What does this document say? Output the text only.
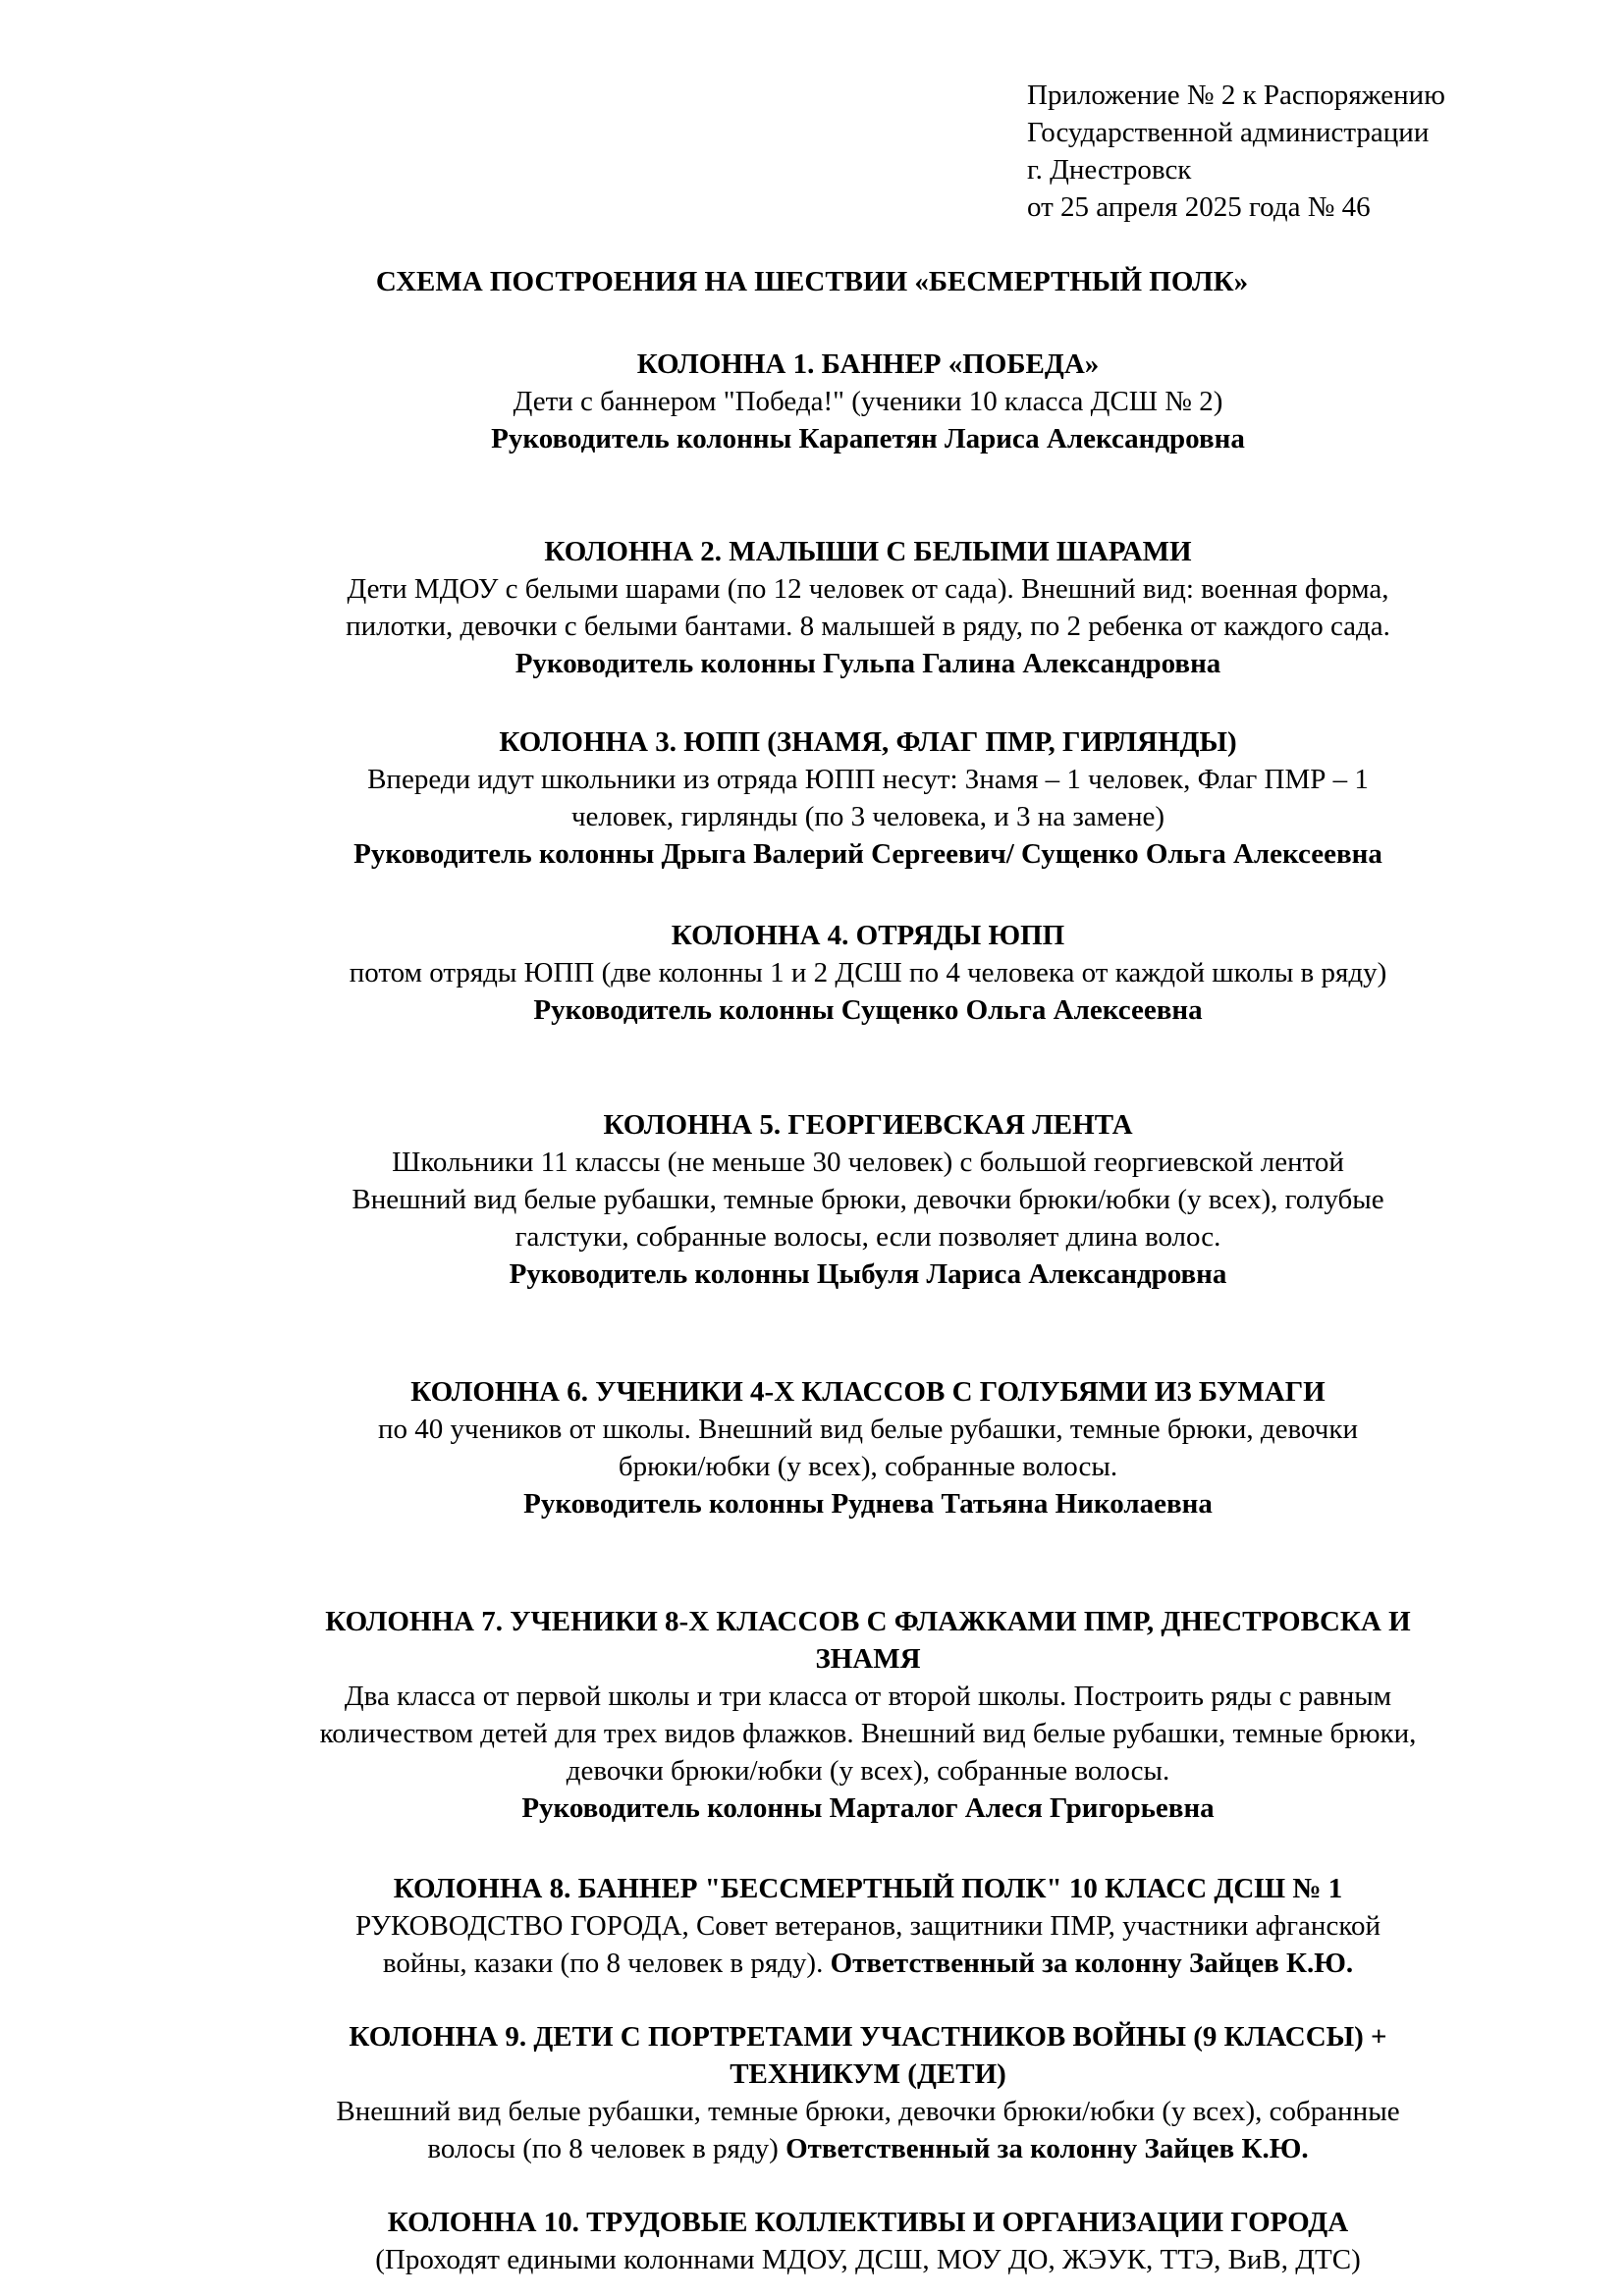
Приложение № 2 к Распоряжению
Государственной администрации
г. Днестровск
от 25 апреля 2025 года № 46
СХЕМА ПОСТРОЕНИЯ НА ШЕСТВИИ «БЕСМЕРТНЫЙ ПОЛК»
КОЛОННА 1. БАННЕР «ПОБЕДА»
Дети с баннером "Победа!" (ученики 10 класса ДСШ № 2)
Руководитель колонны Карапетян Лариса Александровна
КОЛОННА 2. МАЛЫШИ С БЕЛЫМИ ШАРАМИ
Дети МДОУ с белыми шарами (по 12 человек от сада). Внешний вид: военная форма,
пилотки, девочки с белыми бантами. 8 малышей в ряду, по 2 ребенка от каждого сада.
Руководитель колонны Гульпа Галина Александровна
КОЛОННА 3. ЮПП (ЗНАМЯ, ФЛАГ ПМР, ГИРЛЯНДЫ)
Впереди идут школьники из отряда ЮПП несут: Знамя – 1 человек, Флаг ПМР – 1
человек, гирлянды (по 3 человека, и 3 на замене)
Руководитель колонны Дрыга Валерий Сергеевич/ Сущенко Ольга Алексеевна
КОЛОННА 4. ОТРЯДЫ ЮПП
потом отряды ЮПП (две колонны 1 и 2 ДСШ по 4 человека от каждой школы в ряду)
Руководитель колонны Сущенко Ольга Алексеевна
КОЛОННА 5. ГЕОРГИЕВСКАЯ ЛЕНТА
Школьники 11 классы (не меньше 30 человек) с большой георгиевской лентой
Внешний вид белые рубашки, темные брюки, девочки брюки/юбки (у всех), голубые
галстуки, собранные волосы, если позволяет длина волос.
Руководитель колонны Цыбуля Лариса Александровна
КОЛОННА 6. УЧЕНИКИ 4-Х КЛАССОВ С ГОЛУБЯМИ ИЗ БУМАГИ
по 40 учеников от школы. Внешний вид белые рубашки, темные брюки, девочки
брюки/юбки (у всех), собранные волосы.
Руководитель колонны Руднева Татьяна Николаевна
КОЛОННА 7. УЧЕНИКИ 8-Х КЛАССОВ С ФЛАЖКАМИ ПМР, ДНЕСТРОВСКА И
ЗНАМЯ
Два класса от первой школы и три класса от второй школы. Построить ряды с равным
количеством детей для трех видов флажков. Внешний вид белые рубашки, темные брюки,
девочки брюки/юбки (у всех), собранные волосы.
Руководитель колонны Марталог Алеся Григорьевна
КОЛОННА 8. БАННЕР "БЕССМЕРТНЫЙ ПОЛК" 10 КЛАСС ДСШ № 1
РУКОВОДСТВО ГОРОДА, Совет ветеранов, защитники ПМР, участники афганской
войны, казаки (по 8 человек в ряду). Ответственный за колонну Зайцев К.Ю.
КОЛОННА 9. ДЕТИ С ПОРТРЕТАМИ УЧАСТНИКОВ ВОЙНЫ (9 КЛАССЫ) +
ТЕХНИКУМ (ДЕТИ)
Внешний вид белые рубашки, темные брюки, девочки брюки/юбки (у всех), собранные
волосы (по 8 человек в ряду) Ответственный за колонну Зайцев К.Ю.
КОЛОННА 10. ТРУДОВЫЕ КОЛЛЕКТИВЫ И ОРГАНИЗАЦИИ ГОРОДА
(Проходят едиными колоннами МДОУ, ДСШ, МОУ ДО, ЖЭУК, ТТЭ, ВиВ, ДТС)
